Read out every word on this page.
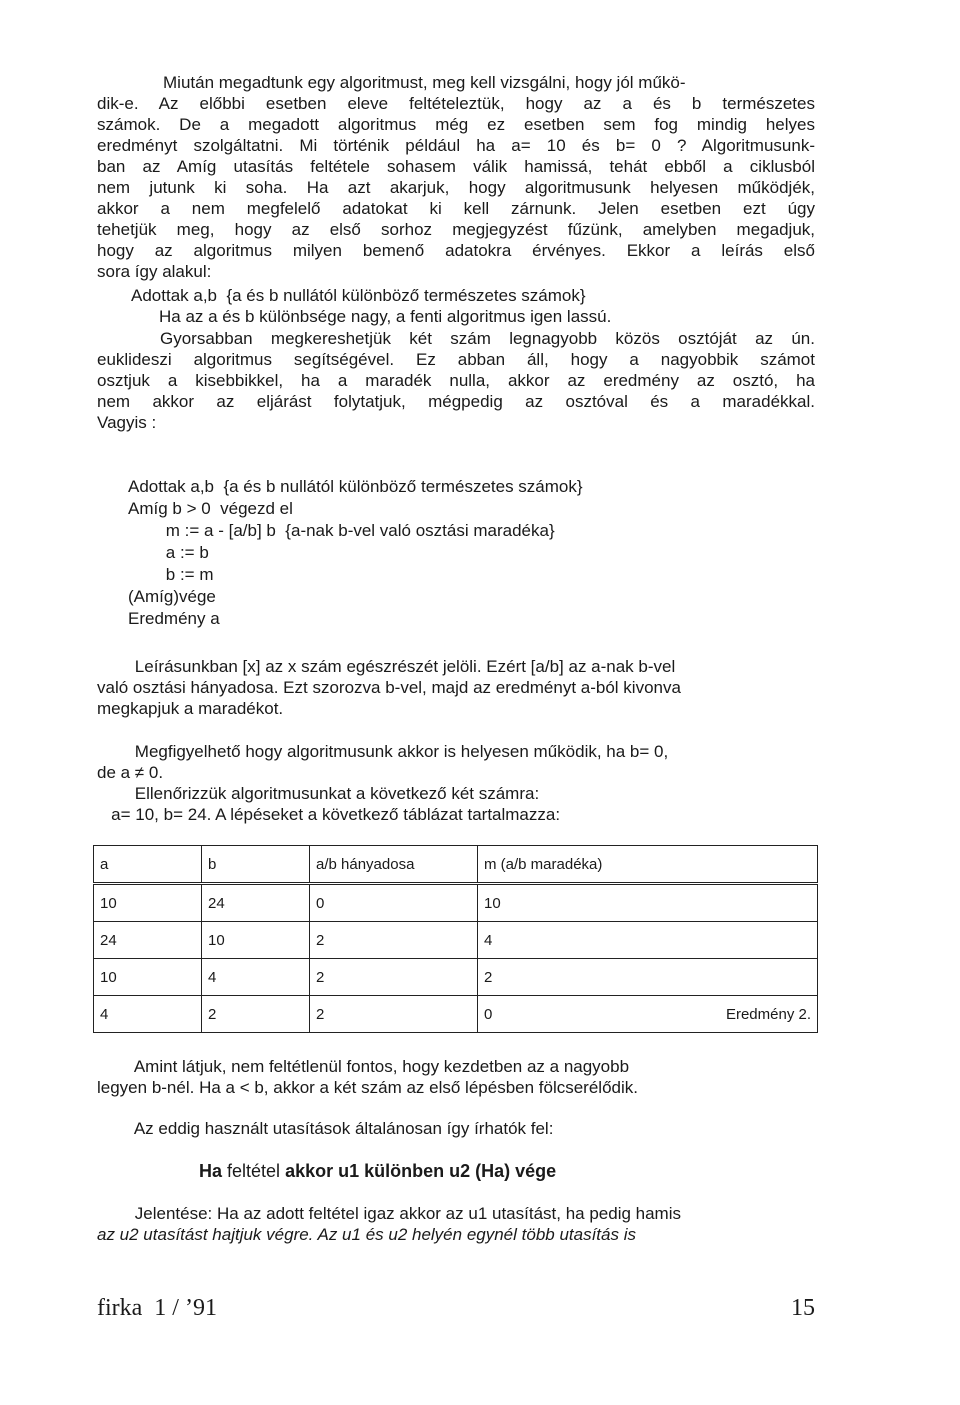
Miután megadtunk egy algoritmust, meg kell vizsgálni, hogy jól műkö-
dik-e. Az előbbi esetben eleve feltételeztük, hogy az a és b természetes
számok. De a megadott algoritmus még ez esetben sem fog mindig helyes
eredményt szolgáltatni. Mi történik például ha a= 10 és b= 0 ? Algoritmusunk-
ban az Amíg utasítás feltétele sohasem válik hamissá, tehát ebből a ciklusból
nem jutunk ki soha. Ha azt akarjuk, hogy algoritmusunk helyesen működjék,
akkor a nem megfelelő adatokat ki kell zárnunk. Jelen esetben ezt úgy
tehetjük meg, hogy az első sorhoz megjegyzést fűzünk, amelyben megadjuk,
hogy az algoritmus milyen bemenő adatokra érvényes. Ekkor a leírás első
sora így alakul:
Adottak a,b  {a és b nullától különböző természetes számok}
Ha az a és b különbsége nagy, a fenti algoritmus igen lassú.
Gyorsabban megkereshetjük két szám legnagyobb közös osztóját az ún.
euklideszi algoritmus segítségével. Ez abban áll, hogy a nagyobbik számot
osztjuk a kisebbikkel, ha a maradék nulla, akkor az eredmény az osztó, ha
nem akkor az eljárást folytatjuk, mégpedig az osztóval és a maradékkal.
Vagyis :
Adottak a,b  {a és b nullától különböző természetes számok}
Amíg b > 0  végezd el
m := a - [a/b] b  {a-nak b-vel való osztási maradéka}
a := b
b := m
(Amíg)vége
Eredmény a
Leírásunkban [x] az x szám egészrészét jelöli. Ezért [a/b] az a-nak b-vel
való osztási hányadosa. Ezt szorozva b-vel, majd az eredményt a-ból kivonva
megkapjuk a maradékot.
Megfigyelhető hogy algoritmusunk akkor is helyesen működik, ha b= 0,
de a ≠ 0.
Ellenőrizzük algoritmusunkat a következő két számra:
a= 10, b= 24. A lépéseket a következő táblázat tartalmazza:
a	b	a/b hányadosa	m (a/b maradéka)
10	24	0	10
24	10	2	4
10	4	2	2
4	2	2	0 Eredmény 2.
Amint látjuk, nem feltétlenül fontos, hogy kezdetben az a nagyobb
legyen b-nél. Ha a < b, akkor a két szám az első lépésben fölcserélődik.
Az eddig használt utasítások általánosan így írhatók fel:
Ha feltétel akkor u1 különben u2 (Ha) vége
Jelentése: Ha az adott feltétel igaz akkor az u1 utasítást, ha pedig hamis
az u2 utasítást hajtjuk végre. Az u1 és u2 helyén egynél több utasítás is
firka  1 / ’91	15
